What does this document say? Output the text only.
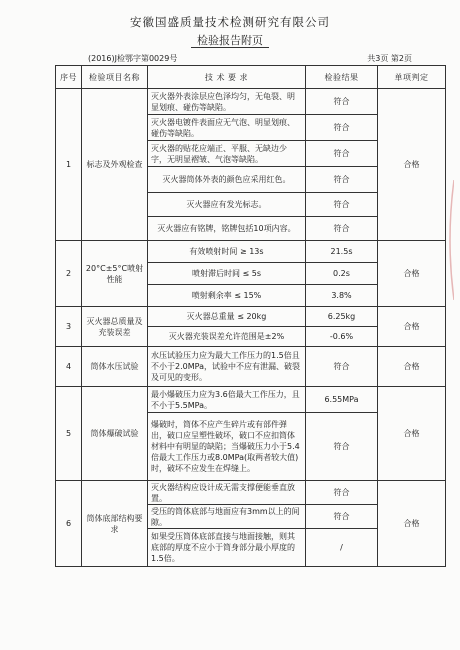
安徽国盛质量技术检测研究有限公司
检验报告附页
(2016)J检鄂字第0029号	共3页 第2页
序号	检验项目名称	技 术 要 求	检验结果	单项判定
1	标志及外观检查	灭火器外表涂层应色泽均匀，无龟裂、明显划痕、碰伤等缺陷。	符合	合格
		灭火器电镀件表面应无气泡、明显划痕、碰伤等缺陷。	符合	
		灭火器的贴花应端正、平服、无缺边少字，无明显褶皱、气泡等缺陷。	符合	
		灭火器筒体外表的颜色应采用红色。	符合	
		灭火器应有发光标志。	符合	
		灭火器应有铭牌，铭牌包括10项内容。	符合	
2	20°C±5°C喷射性能	有效喷射时间 ≥ 13s	21.5s	合格
		喷射滞后时间 ≤ 5s	0.2s	
		喷射剩余率 ≤ 15%	3.8%	
3	灭火器总质量及充装误差	灭火器总重量 ≤ 20kg	6.25kg	合格
		灭火器充装误差允许范围是±2%	-0.6%	
4	筒体水压试验	水压试验压力应为最大工作压力的1.5倍且不小于2.0MPa，试验中不应有泄漏、破裂及可见的变形。	符合	合格
5	筒体爆破试验	最小爆破压力应为3.6倍最大工作压力，且不小于5.5MPa。	6.55MPa	合格
		爆破时，筒体不应产生碎片或有部件弹出，破口应呈塑性破坏，破口不应扣筒体材料中有明显的缺陷；当爆破压力小于5.4倍最大工作压力或8.0MPa(取两者较大值)时，破坏不应发生在焊缝上。	符合	
6	筒体底部结构要求	灭火器结构应设计成无需支撑便能垂直放置。	符合	合格
		受压的筒体底部与地面应有3mm以上的间隙。	符合	
		如果受压筒体底部直接与地面接触，则其底部的厚度不应小于筒身部分最小厚度的1.5倍。	/	
